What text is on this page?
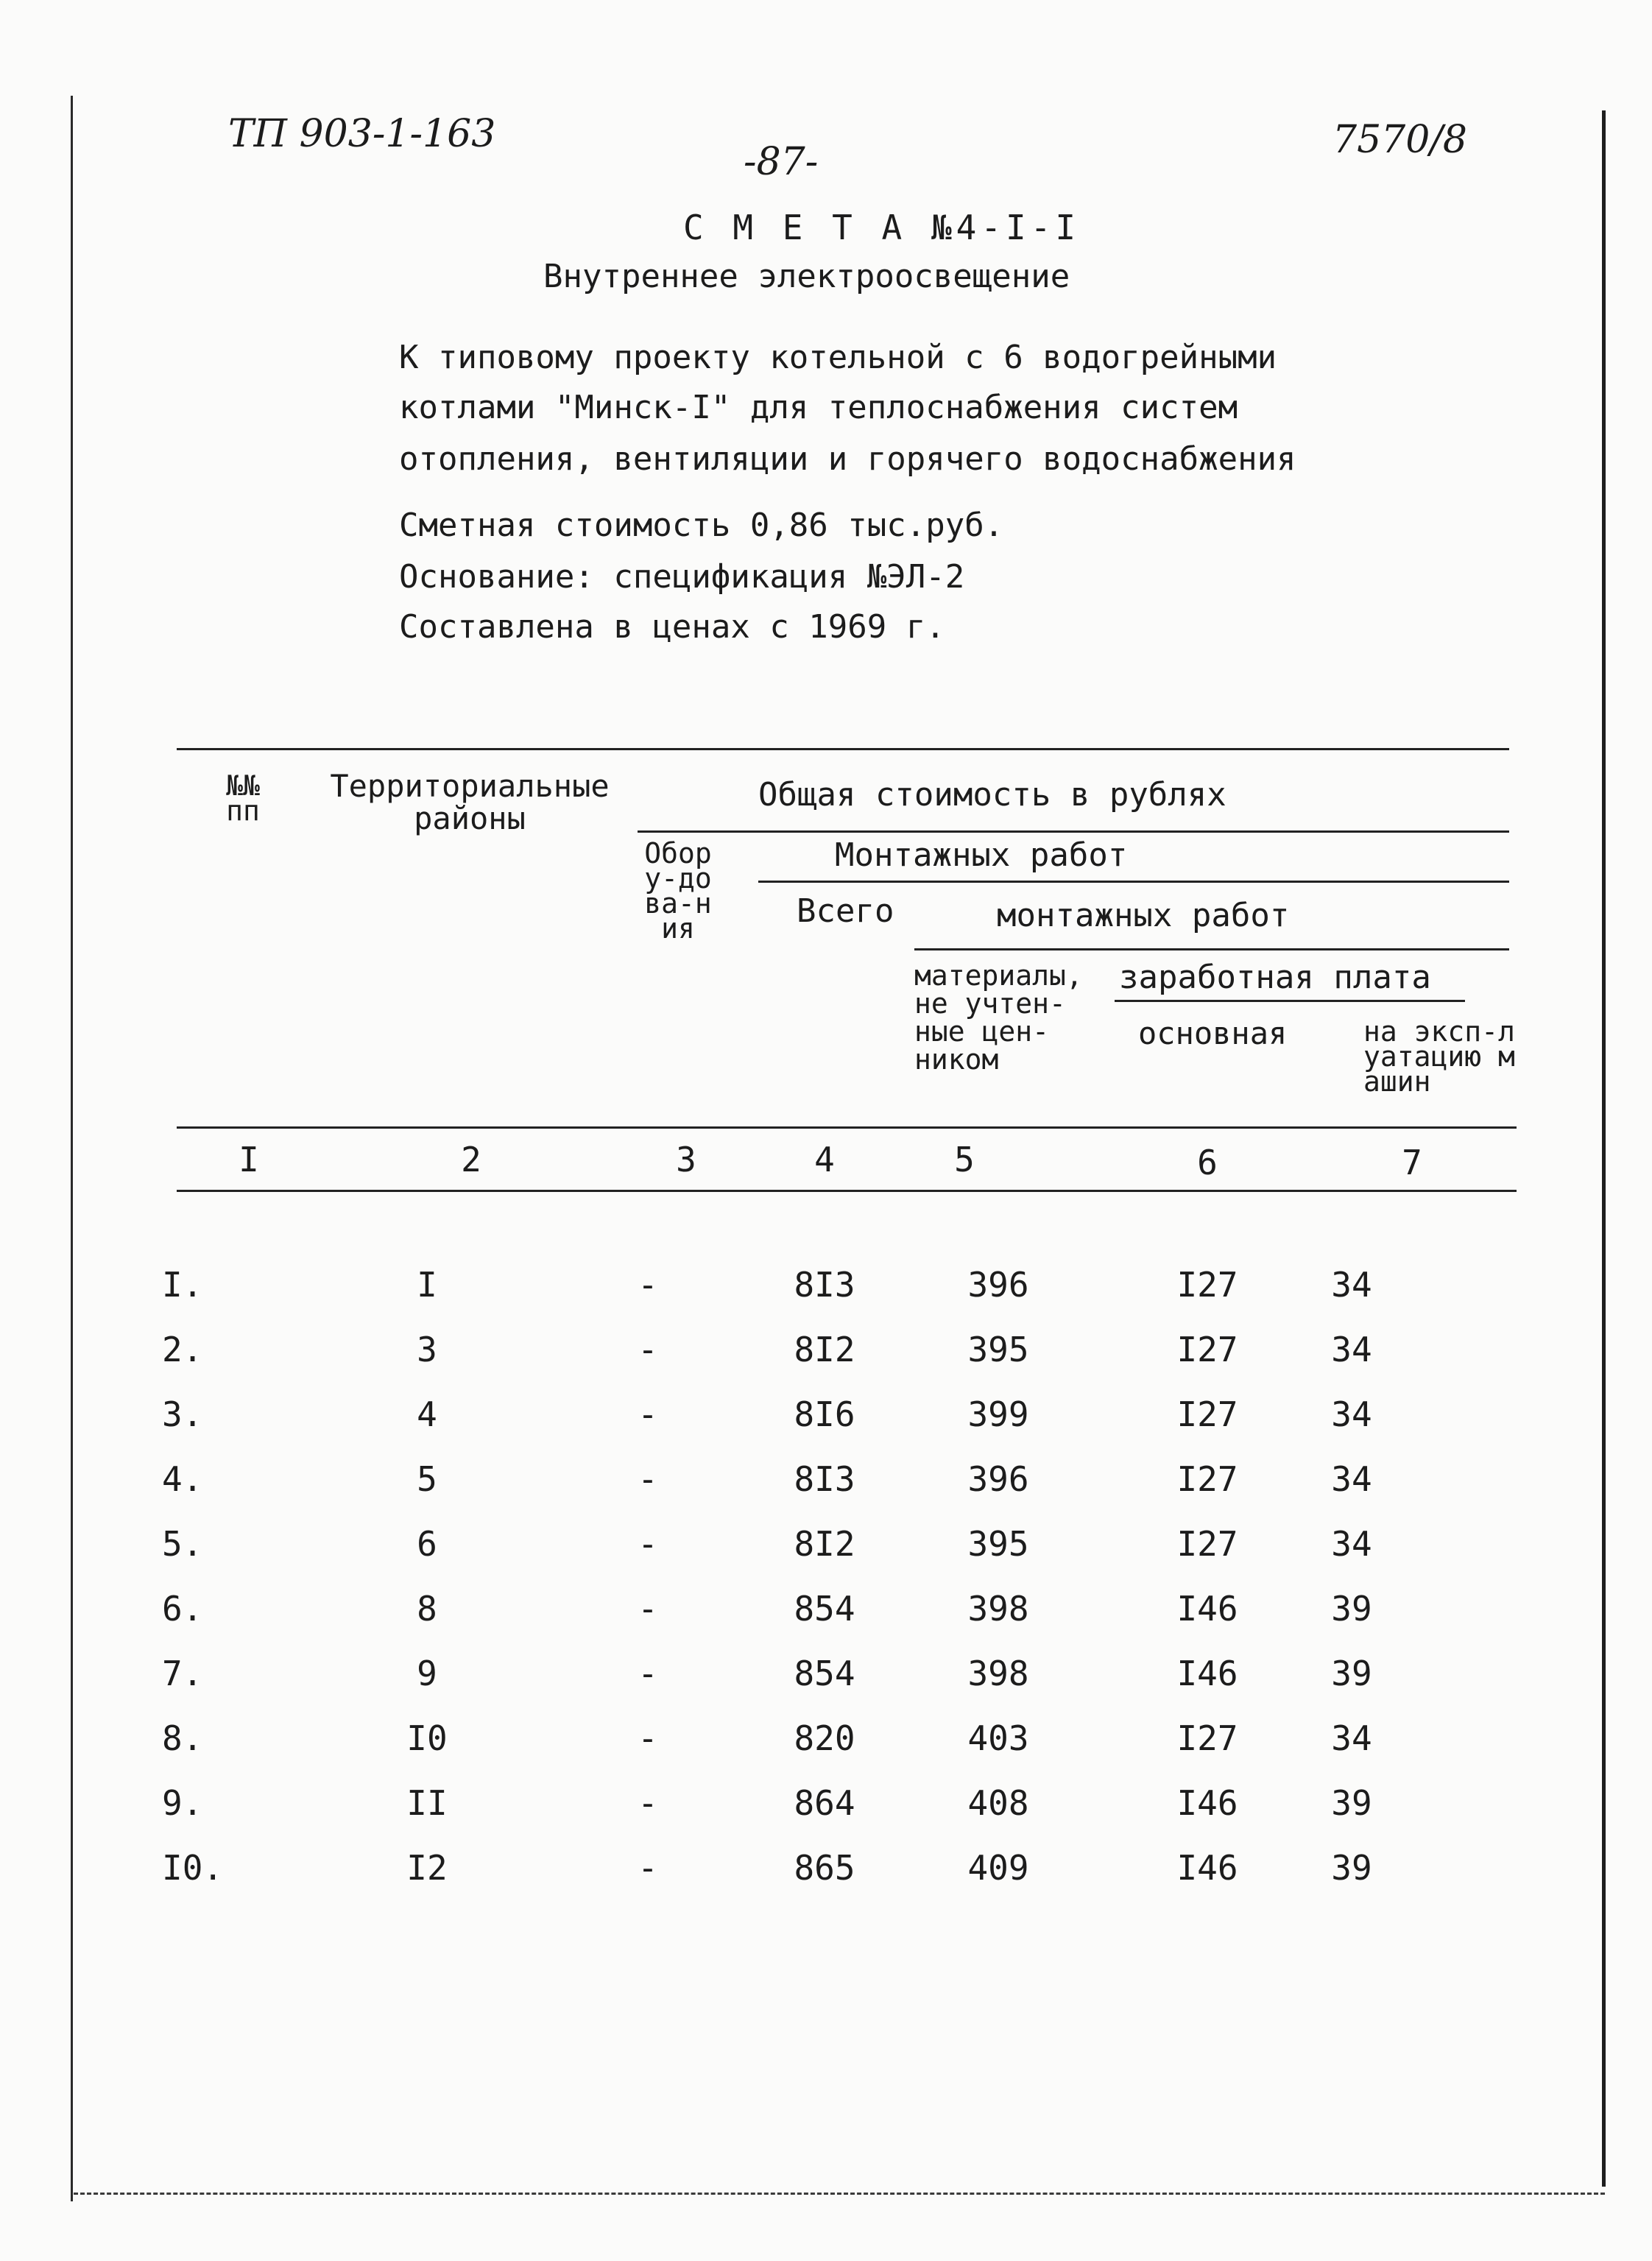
ТП 903-1-163
-87-	7570/8
С М Е Т А №4-I-I
Внутреннее электроосвещение
К типовому проекту котельной с 6 водогрейными
котлами "Минск-I" для теплоснабжения систем
отопления, вентиляции и горячего водоснабжения
Сметная стоимость 0,86 тыс.руб.
Основание: спецификация №ЭЛ-2
Составлена в ценах с 1969 г.
№№ пп
Территориальные районы
Общая стоимость в рублях
Обору-дова-ния
Монтажных работ
Всего	монтажных работ
материалы, не учтен-ные цен-ником
заработная плата
основная	на эксп-луатацию машин
I	2	3	4	5	6	7
I.	I	-	8I3	396	I27	34
2.	3	-	8I2	395	I27	34
3.	4	-	8I6	399	I27	34
4.	5	-	8I3	396	I27	34
5.	6	-	8I2	395	I27	34
6.	8	-	854	398	I46	39
7.	9	-	854	398	I46	39
8.	I0	-	820	403	I27	34
9.	II	-	864	408	I46	39
I0.	I2	-	865	409	I46	39
